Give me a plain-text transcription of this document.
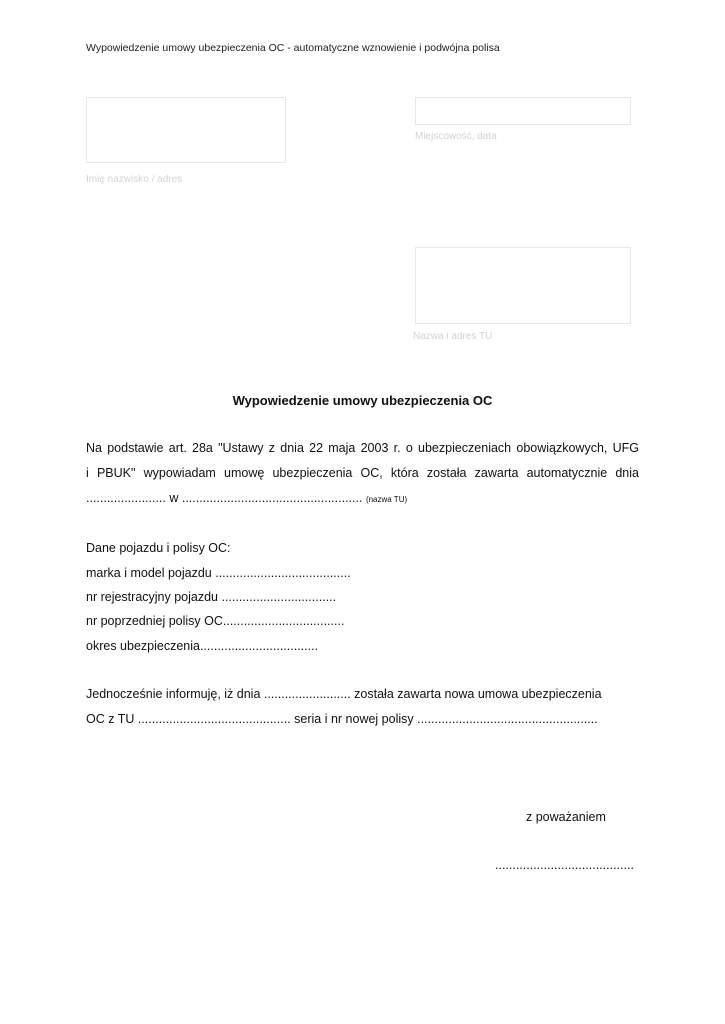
Wypowiedzenie umowy ubezpieczenia OC - automatyczne wznowienie i podwójna polisa
Imię nazwisko / adres
Miejscowość, data
Nazwa i adres TU
Wypowiedzenie umowy ubezpieczenia OC
Na podstawie art. 28a "Ustawy z dnia 22 maja 2003 r. o ubezpieczeniach obowiązkowych, UFG
i PBUK" wypowiadam umowę ubezpieczenia OC, która została zawarta automatycznie dnia
....................... w .................................................... (nazwa TU)
Dane pojazdu i polisy OC:
marka i model pojazdu .......................................
nr rejestracyjny pojazdu .................................
nr poprzedniej polisy OC...................................
okres ubezpieczenia..................................
Jednocześnie informuję, iż dnia ......................... została zawarta nowa umowa ubezpieczenia
OC z TU ............................................ seria i nr nowej polisy ....................................................
z poważaniem
........................................
